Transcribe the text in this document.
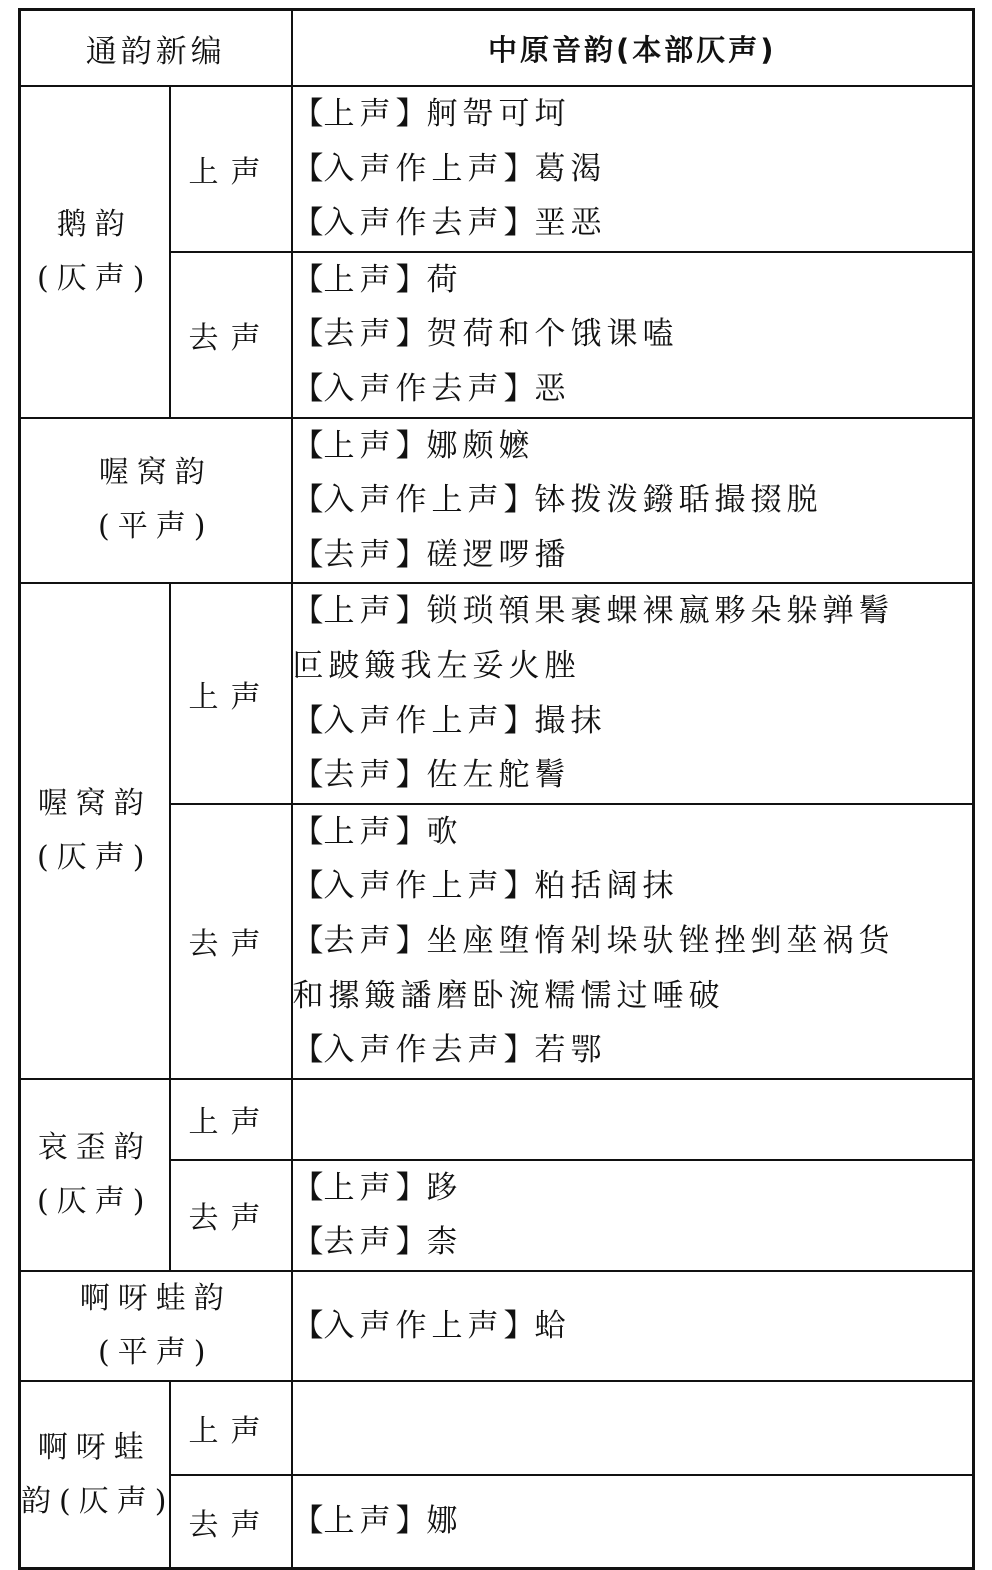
通韵新编		中原音韵(本部仄声)

鹅韵
(仄声)	上声	【上声】舸哿可坷
【入声作上声】葛渴
【入声作去声】垩恶

	去声	【上声】荷
【去声】贺荷和个饿课嗑
【入声作去声】恶

喔窝韵
(平声)		【上声】娜颇嬷
【入声作上声】钵拨泼鏺聒撮掇脱
【去声】磋逻啰播

喔窝韵
(仄声)	上声	【上声】锁琐顇果裹蜾裸嬴夥朵躲亸鬌
叵跛簸我左妥火脞
【入声作上声】撮抹
【去声】佐左舵鬌

	去声	【上声】㰤
【入声作上声】粕括阔抹
【去声】坐座堕惰剁垛驮锉挫剉莝祸货
和摞簸譒磨卧涴糯懦过唾破
【入声作去声】若鄂

哀歪韵
(仄声)	上声	
	去声	【上声】跢
【去声】柰

啊呀蛙韵
(平声)		【入声作上声】蛤

啊呀蛙
韵(仄声)	上声	
	去声	【上声】娜
